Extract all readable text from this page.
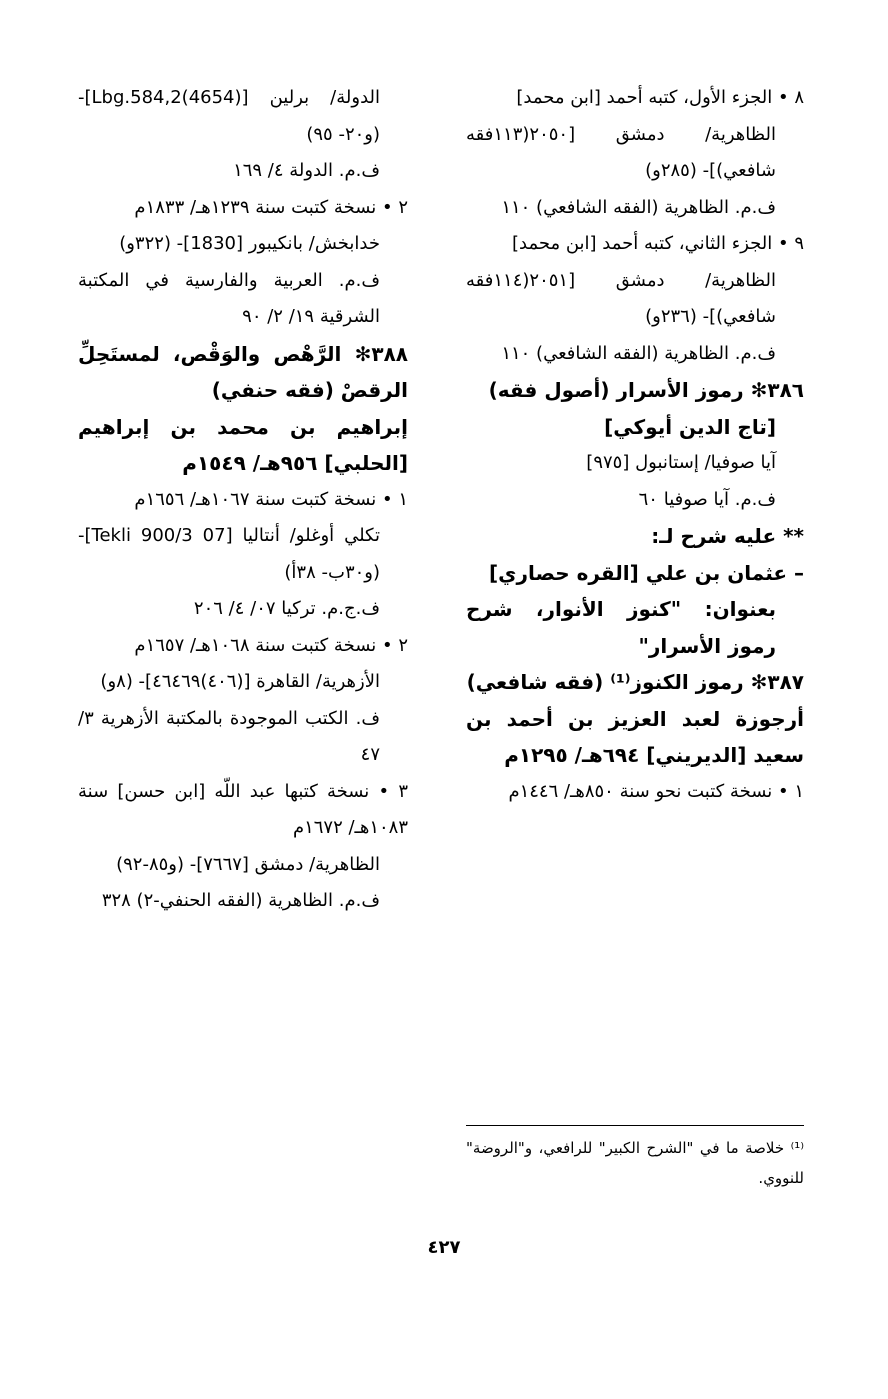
٨ • الجزء الأول، كتبه أحمد [ابن محمد]

الظاهرية/ دمشق [٢٠٥٠(١١٣فقه شافعي)]- (٢٨٥و)

ف.م. الظاهرية (الفقه الشافعي) ١١٠

٩ • الجزء الثاني، كتبه أحمد [ابن محمد]

الظاهرية/ دمشق [٢٠٥١(١١٤فقه شافعي)]- (٢٣٦و)

ف.م. الظاهرية (الفقه الشافعي) ١١٠

٣٨٦✻ رموز الأسرار (أصول فقه)

[تاج الدين أيوكي]

آيا صوفيا/ إستانبول [٩٧٥]

ف.م. آيا صوفيا ٦٠

** عليه شرح لـ:

– عثمان بن علي [القره حصاري]

بعنوان: "كنوز الأنوار، شرح رموز الأسرار"

٣٨٧✻ رموز الكنوز⁽¹⁾ (فقه شافعي)

أرجوزة لعبد العزيز بن أحمد بن سعيد [الديريني] ٦٩٤هـ/ ١٢٩٥م

١ • نسخة كتبت نحو سنة ٨٥٠هـ/ ١٤٤٦م

الدولة/ برلين [(4654)Lbg.584,2]- (و٢٠- ٩٥)

ف.م. الدولة ٤/ ١٦٩

٢ • نسخة كتبت سنة ١٢٣٩هـ/ ١٨٣٣م

خدابخش/ بانكيبور [1830]- (٣٢٢و)

ف.م. العربية والفارسية في المكتبة الشرقية ١٩/ ٢/ ٩٠

٣٨٨✻ الرَّهْص والوَقْص، لمستَحِلِّ الرقصْ (فقه حنفي)

إبراهيم بن محمد بن إبراهيم [الحلبي] ٩٥٦هـ/ ١٥٤٩م

١ • نسخة كتبت سنة ١٠٦٧هـ/ ١٦٥٦م

تكلي أوغلو/ أنتاليا [07 Tekli 900/3]- (و٣٠ب- ٣٨أ)

ف.ج.م. تركيا ٠٧/ ٤/ ٢٠٦

٢ • نسخة كتبت سنة ١٠٦٨هـ/ ١٦٥٧م

الأزهرية/ القاهرة [(٤٠٦)٤٦٤٦٩]- (٨و)

ف. الكتب الموجودة بالمكتبة الأزهرية ٣/ ٤٧

٣ • نسخة كتبها عبد اللّه [ابن حسن] سنة ١٠٨٣هـ/ ١٦٧٢م

الظاهرية/ دمشق [٧٦٦٧]- (و٨٥-٩٢)

ف.م. الظاهرية (الفقه الحنفي-٢) ٣٢٨

⁽¹⁾ خلاصة ما في "الشرح الكبير" للرافعي، و"الروضة" للنووي.
٤٢٧
